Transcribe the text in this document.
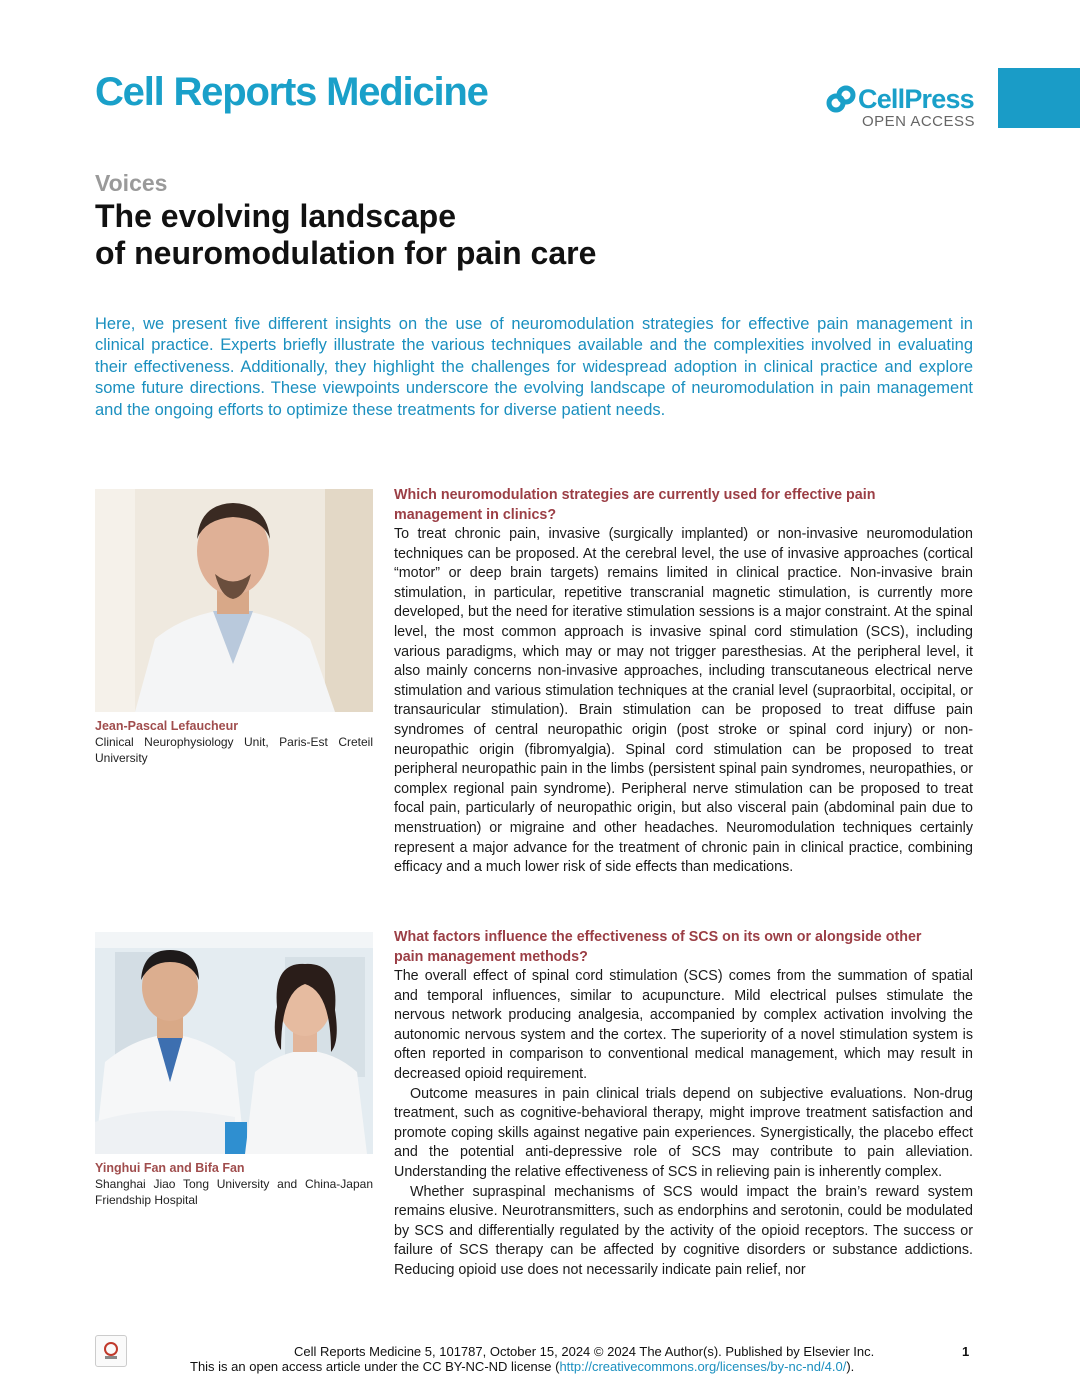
Cell Reports Medicine	CellPress
OPEN ACCESS
Voices
The evolving landscape
of neuromodulation for pain care
Here, we present five different insights on the use of neuromodulation strategies for effective pain management in clinical practice. Experts briefly illustrate the various techniques available and the complexities involved in evaluating their effectiveness. Additionally, they highlight the challenges for widespread adoption in clinical practice and explore some future directions. These viewpoints underscore the evolving landscape of neuromodulation in pain management and the ongoing efforts to optimize these treatments for diverse patient needs.
Jean-Pascal Lefaucheur
Clinical Neurophysiology Unit, Paris-Est Creteil University
Which neuromodulation strategies are currently used for effective pain management in clinics?

To treat chronic pain, invasive (surgically implanted) or non-invasive neuromodulation techniques can be proposed. At the cerebral level, the use of invasive approaches (cortical “motor” or deep brain targets) remains limited in clinical practice. Non-invasive brain stimulation, in particular, repetitive transcranial magnetic stimulation, is currently more developed, but the need for iterative stimulation sessions is a major constraint. At the spinal level, the most common approach is invasive spinal cord stimulation (SCS), including various paradigms, which may or may not trigger paresthesias. At the peripheral level, it also mainly concerns non-invasive approaches, including transcutaneous electrical nerve stimulation and various stimulation techniques at the cranial level (supraorbital, occipital, or transauricular stimulation). Brain stimulation can be proposed to treat diffuse pain syndromes of central neuropathic origin (post stroke or spinal cord injury) or non-neuropathic origin (fibromyalgia). Spinal cord stimulation can be proposed to treat peripheral neuropathic pain in the limbs (persistent spinal pain syndromes, neuropathies, or complex regional pain syndrome). Peripheral nerve stimulation can be proposed to treat focal pain, particularly of neuropathic origin, but also visceral pain (abdominal pain due to menstruation) or migraine and other headaches. Neuromodulation techniques certainly represent a major advance for the treatment of chronic pain in clinical practice, combining efficacy and a much lower risk of side effects than medications.

Yinghui Fan and Bifa Fan
Shanghai Jiao Tong University and China-Japan Friendship Hospital
What factors influence the effectiveness of SCS on its own or alongside other pain management methods?

The overall effect of spinal cord stimulation (SCS) comes from the summation of spatial and temporal influences, similar to acupuncture. Mild electrical pulses stimulate the nervous network producing analgesia, accompanied by complex activation involving the autonomic nervous system and the cortex. The superiority of a novel stimulation system is often reported in comparison to conventional medical management, which may result in decreased opioid requirement.

Outcome measures in pain clinical trials depend on subjective evaluations. Non-drug treatment, such as cognitive-behavioral therapy, might improve treatment satisfaction and promote coping skills against negative pain experiences. Synergistically, the placebo effect and the potential anti-depressive role of SCS may contribute to pain alleviation. Understanding the relative effectiveness of SCS in relieving pain is inherently complex.

Whether supraspinal mechanisms of SCS would impact the brain’s reward system remains elusive. Neurotransmitters, such as endorphins and serotonin, could be modulated by SCS and differentially regulated by the activity of the opioid receptors. The success or failure of SCS therapy can be affected by cognitive disorders or substance addictions. Reducing opioid use does not necessarily indicate pain relief, nor

Cell Reports Medicine 5, 101787, October 15, 2024 © 2024 The Author(s). Published by Elsevier Inc.
This is an open access article under the CC BY-NC-ND license (http://creativecommons.org/licenses/by-nc-nd/4.0/).
1
